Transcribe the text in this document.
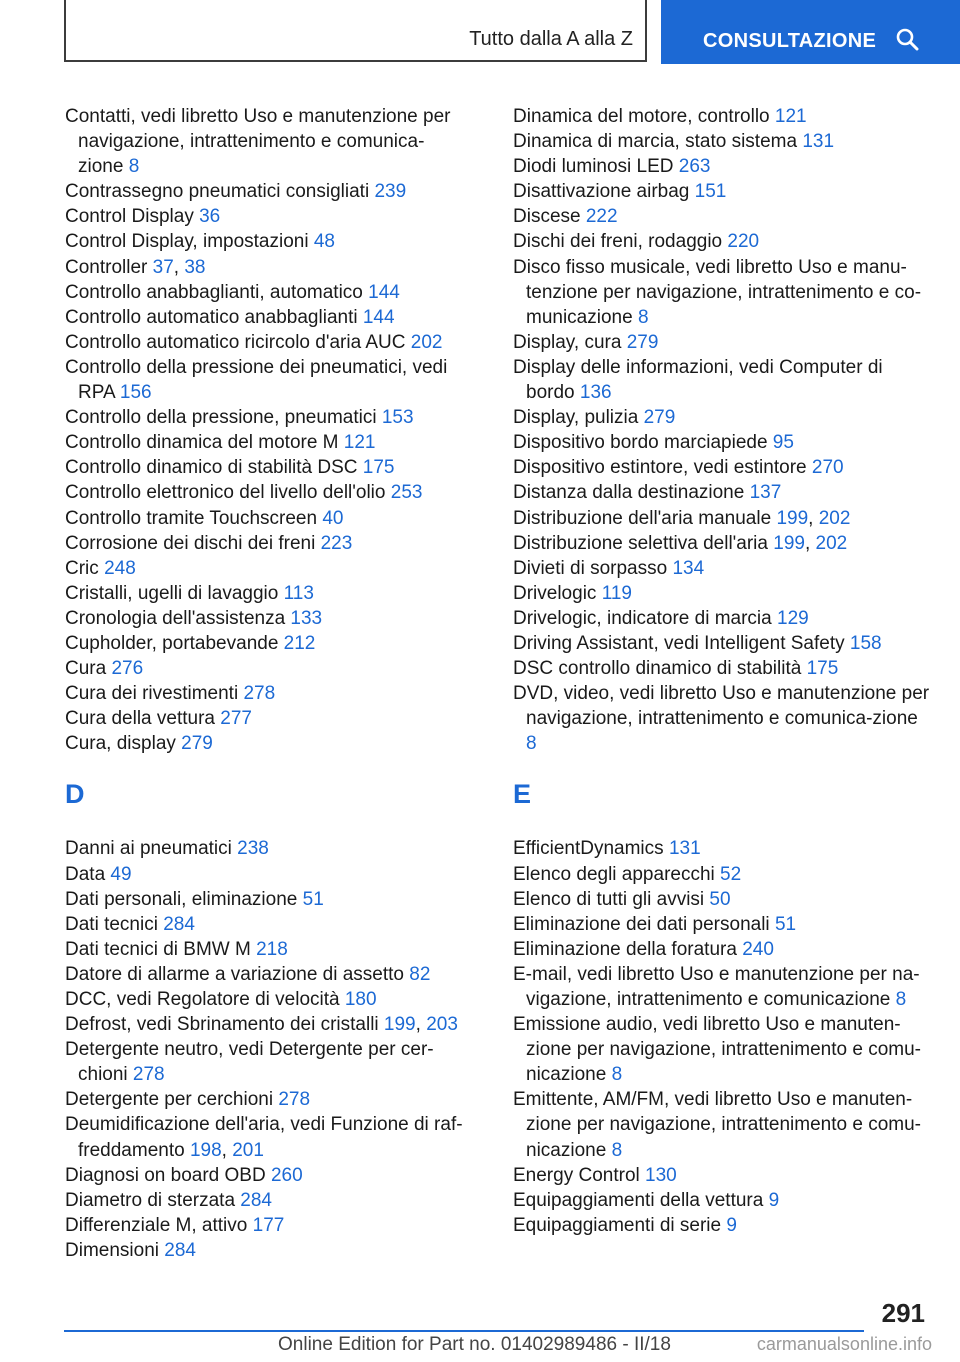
Tutto dalla A alla Z	CONSULTAZIONE
Contatti, vedi libretto Uso e manutenzione per navigazione, intrattenimento e comunica-zione 8
Contrassegno pneumatici consigliati 239
Control Display 36
Control Display, impostazioni 48
Controller 37, 38
Controllo anabbaglianti, automatico 144
Controllo automatico anabbaglianti 144
Controllo automatico ricircolo d'aria AUC 202
Controllo della pressione dei pneumatici, vedi RPA 156
Controllo della pressione, pneumatici 153
Controllo dinamica del motore M 121
Controllo dinamico di stabilità DSC 175
Controllo elettronico del livello dell'olio 253
Controllo tramite Touchscreen 40
Corrosione dei dischi dei freni 223
Cric 248
Cristalli, ugelli di lavaggio 113
Cronologia dell'assistenza 133
Cupholder, portabevande 212
Cura 276
Cura dei rivestimenti 278
Cura della vettura 277
Cura, display 279
D
Danni ai pneumatici 238
Data 49
Dati personali, eliminazione 51
Dati tecnici 284
Dati tecnici di BMW M 218
Datore di allarme a variazione di assetto 82
DCC, vedi Regolatore di velocità 180
Defrost, vedi Sbrinamento dei cristalli 199, 203
Detergente neutro, vedi Detergente per cer-chioni 278
Detergente per cerchioni 278
Deumidificazione dell'aria, vedi Funzione di raf-freddamento 198, 201
Diagnosi on board OBD 260
Diametro di sterzata 284
Differenziale M, attivo 177
Dimensioni 284
Dinamica del motore, controllo 121
Dinamica di marcia, stato sistema 131
Diodi luminosi LED 263
Disattivazione airbag 151
Discese 222
Dischi dei freni, rodaggio 220
Disco fisso musicale, vedi libretto Uso e manu-tenzione per navigazione, intrattenimento e co-municazione 8
Display, cura 279
Display delle informazioni, vedi Computer di bordo 136
Display, pulizia 279
Dispositivo bordo marciapiede 95
Dispositivo estintore, vedi estintore 270
Distanza dalla destinazione 137
Distribuzione dell'aria manuale 199, 202
Distribuzione selettiva dell'aria 199, 202
Divieti di sorpasso 134
Drivelogic 119
Drivelogic, indicatore di marcia 129
Driving Assistant, vedi Intelligent Safety 158
DSC controllo dinamico di stabilità 175
DVD, video, vedi libretto Uso e manutenzione per navigazione, intrattenimento e comunica-zione 8
E
EfficientDynamics 131
Elenco degli apparecchi 52
Elenco di tutti gli avvisi 50
Eliminazione dei dati personali 51
Eliminazione della foratura 240
E-mail, vedi libretto Uso e manutenzione per na-vigazione, intrattenimento e comunicazione 8
Emissione audio, vedi libretto Uso e manuten-zione per navigazione, intrattenimento e comu-nicazione 8
Emittente, AM/FM, vedi libretto Uso e manuten-zione per navigazione, intrattenimento e comu-nicazione 8
Energy Control 130
Equipaggiamenti della vettura 9
Equipaggiamenti di serie 9
291
Online Edition for Part no. 01402989486 - II/18	carmanualsonline.info
